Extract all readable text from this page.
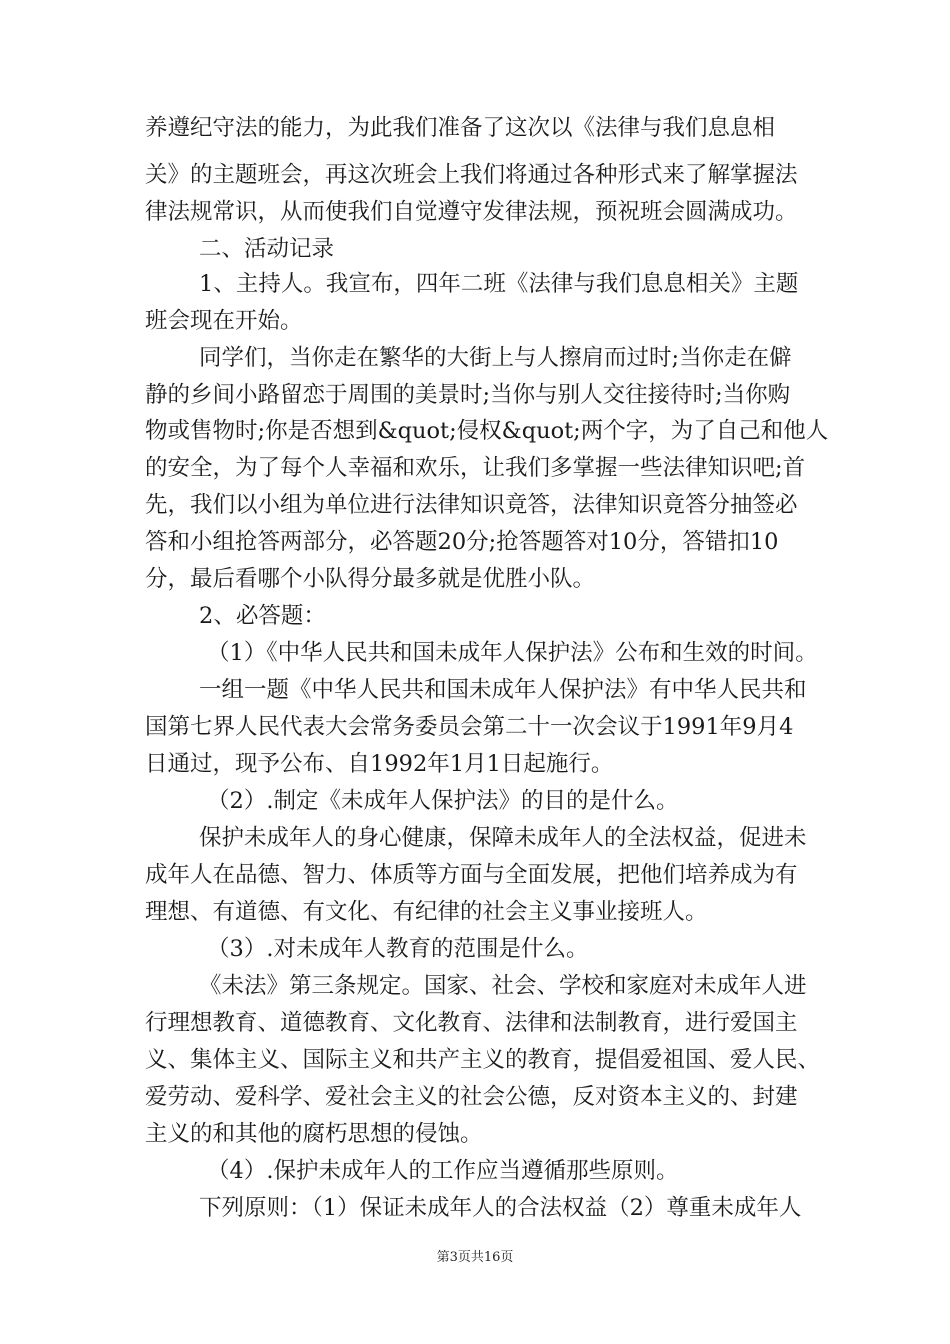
养遵纪守法的能力，为此我们准备了这次以《法律与我们息息相
关》的主题班会，再这次班会上我们将通过各种形式来了解掌握法
律法规常识，从而使我们自觉遵守发律法规，预祝班会圆满成功。
二、活动记录
1、主持人。我宣布，四年二班《法律与我们息息相关》主题
班会现在开始。
同学们，当你走在繁华的大街上与人擦肩而过时;当你走在僻
静的乡间小路留恋于周围的美景时;当你与别人交往接待时;当你购
物或售物时;你是否想到&quot;侵权&quot;两个字，为了自己和他人
的安全，为了每个人幸福和欢乐，让我们多掌握一些法律知识吧;首
先，我们以小组为单位进行法律知识竟答，法律知识竟答分抽签必
答和小组抢答两部分，必答题20分;抢答题答对10分，答错扣10
分，最后看哪个小队得分最多就是优胜小队。
2、必答题：
（1）《中华人民共和国未成年人保护法》公布和生效的时间。
一组一题《中华人民共和国未成年人保护法》有中华人民共和
国第七界人民代表大会常务委员会第二十一次会议于1991年9月4
日通过，现予公布、自1992年1月1日起施行。
（2）.制定《未成年人保护法》的目的是什么。
保护未成年人的身心健康，保障未成年人的全法权益，促进未
成年人在品德、智力、体质等方面与全面发展，把他们培养成为有
理想、有道德、有文化、有纪律的社会主义事业接班人。
（3）.对未成年人教育的范围是什么。
《未法》第三条规定。国家、社会、学校和家庭对未成年人进
行理想教育、道德教育、文化教育、法律和法制教育，进行爱国主
义、集体主义、国际主义和共产主义的教育，提倡爱祖国、爱人民、
爱劳动、爱科学、爱社会主义的社会公德，反对资本主义的、封建
主义的和其他的腐朽思想的侵蚀。
（4）.保护未成年人的工作应当遵循那些原则。
下列原则：（1）保证未成年人的合法权益（2）尊重未成年人
第3页共16页
